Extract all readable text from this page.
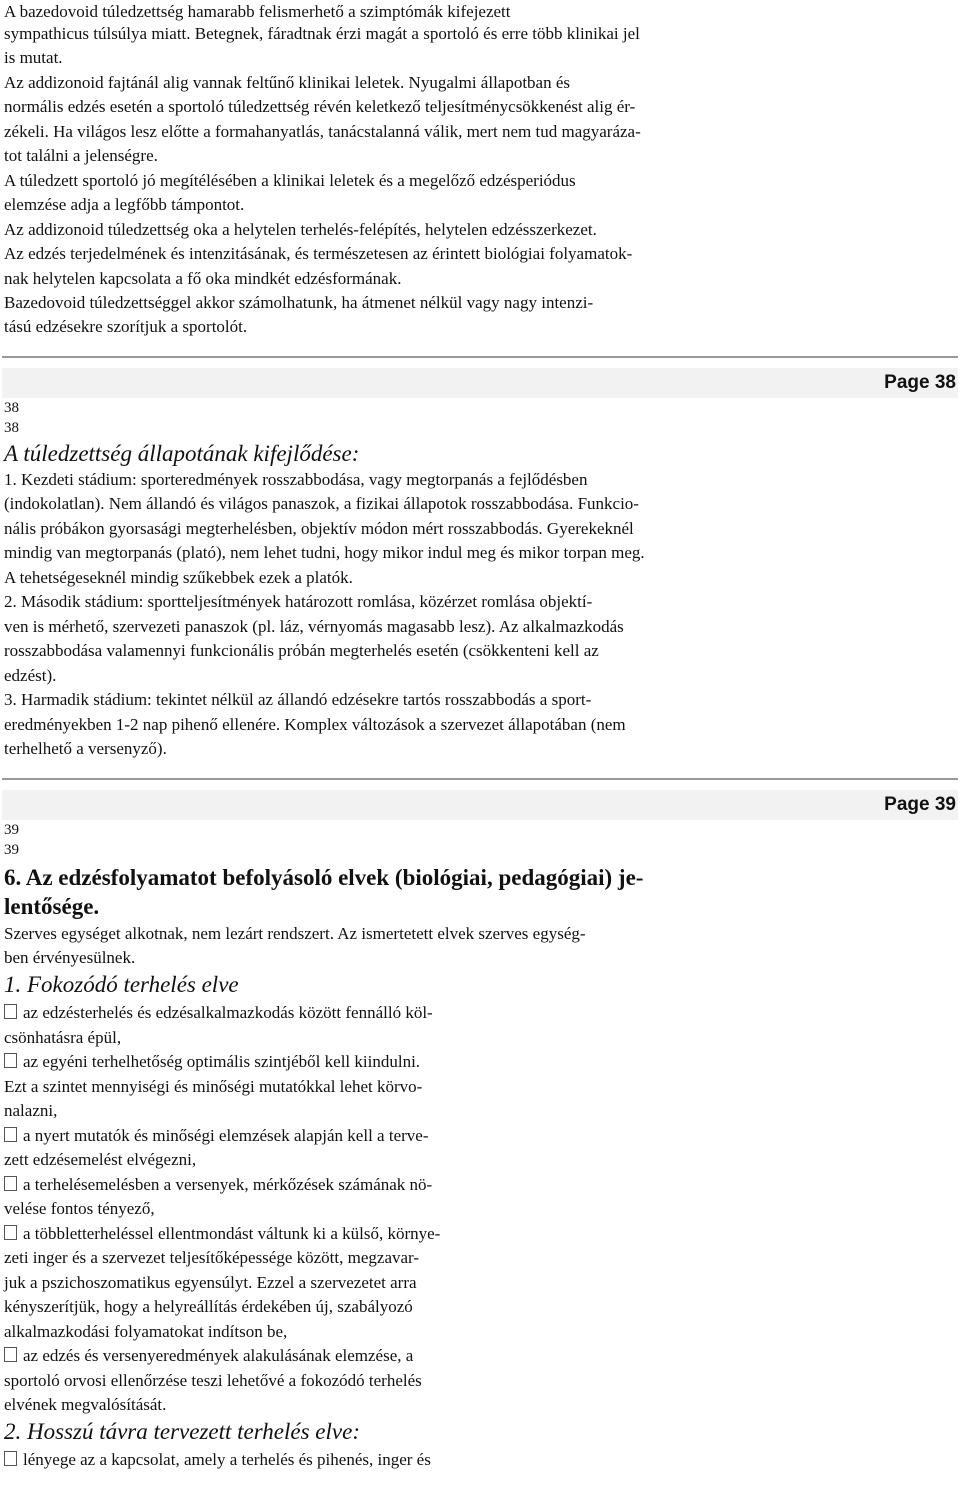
A bazedovoid túledzettség hamarabb felismerhető a szimptómák kifejezett
sympathicus túlsúlya miatt. Betegnek, fáradtnak érzi magát a sportoló és erre több klinikai jel
is mutat.
Az addizonoid fajtánál alig vannak feltűnő klinikai leletek. Nyugalmi állapotban és
normális edzés esetén a sportoló túledzettség révén keletkező teljesítménycsökkenést alig ér-
zékeli. Ha világos lesz előtte a formahanyatlás, tanácstalanná válik, mert nem tud magyaráza-
tot találni a jelenségre.
A túledzett sportoló jó megítélésében a klinikai leletek és a megelőző edzésperiódus
elemzése adja a legfőbb támpontot.
Az addizonoid túledzettség oka a helytelen terhelés-felépítés, helytelen edzésszerkezet.
Az edzés terjedelmének és intenzitásának, és természetesen az érintett biológiai folyamatok-
nak helytelen kapcsolata a fő oka mindkét edzésformának.
Bazedovoid túledzettséggel akkor számolhatunk, ha átmenet nélkül vagy nagy intenzi-
tású edzésekre szorítjuk a sportolót.
Page 38
38
38
A túledzettség állapotának kifejlődése:
1. Kezdeti stádium: sporteredmények rosszabbodása, vagy megtorpanás a fejlődésben
(indokolatlan). Nem állandó és világos panaszok, a fizikai állapotok rosszabbodása. Funkcio-
nális próbákon gyorsasági megterhelésben, objektív módon mért rosszabbodás. Gyerekeknél
mindig van megtorpanás (plató), nem lehet tudni, hogy mikor indul meg és mikor torpan meg.
A tehetségeseknél mindig szűkebbek ezek a platók.
2. Második stádium: sportteljesítmények határozott romlása, közérzet romlása objektí-
ven is mérhető, szervezeti panaszok (pl. láz, vérnyomás magasabb lesz). Az alkalmazkodás
rosszabbodása valamennyi funkcionális próbán megterhelés esetén (csökkenteni kell az
edzést).
3. Harmadik stádium: tekintet nélkül az állandó edzésekre tartós rosszabbodás a sport-
eredményekben 1-2 nap pihenő ellenére. Komplex változások a szervezet állapotában (nem
terhelhető a versenyző).
Page 39
39
39
6. Az edzésfolyamatot befolyásoló elvek (biológiai, pedagógiai) je-
lentősége.
Szerves egységet alkotnak, nem lezárt rendszert. Az ismertetett elvek szerves egység-
ben érvényesülnek.
1. Fokozódó terhelés elve
az edzésterhelés és edzésalkalmazkodás között fennálló köl-
csönhatásra épül,
az egyéni terhelhetőség optimális szintjéből kell kiindulni.
Ezt a szintet mennyiségi és minőségi mutatókkal lehet körvo-
nalazni,
a nyert mutatók és minőségi elemzések alapján kell a terve-
zett edzésemelést elvégezni,
a terhelésemelésben a versenyek, mérkőzések számának nö-
velése fontos tényező,
a többletterheléssel ellentmondást váltunk ki a külső, környe-
zeti inger és a szervezet teljesítőképessége között, megzavar-
juk a pszichoszomatikus egyensúlyt. Ezzel a szervezetet arra
kényszerítjük, hogy a helyreállítás érdekében új, szabályozó
alkalmazkodási folyamatokat indítson be,
az edzés és versenyeredmények alakulásának elemzése, a
sportoló orvosi ellenőrzése teszi lehetővé a fokozódó terhelés
elvének megvalósítását.
2. Hosszú távra tervezett terhelés elve:
lényege az a kapcsolat, amely a terhelés és pihenés, inger és
